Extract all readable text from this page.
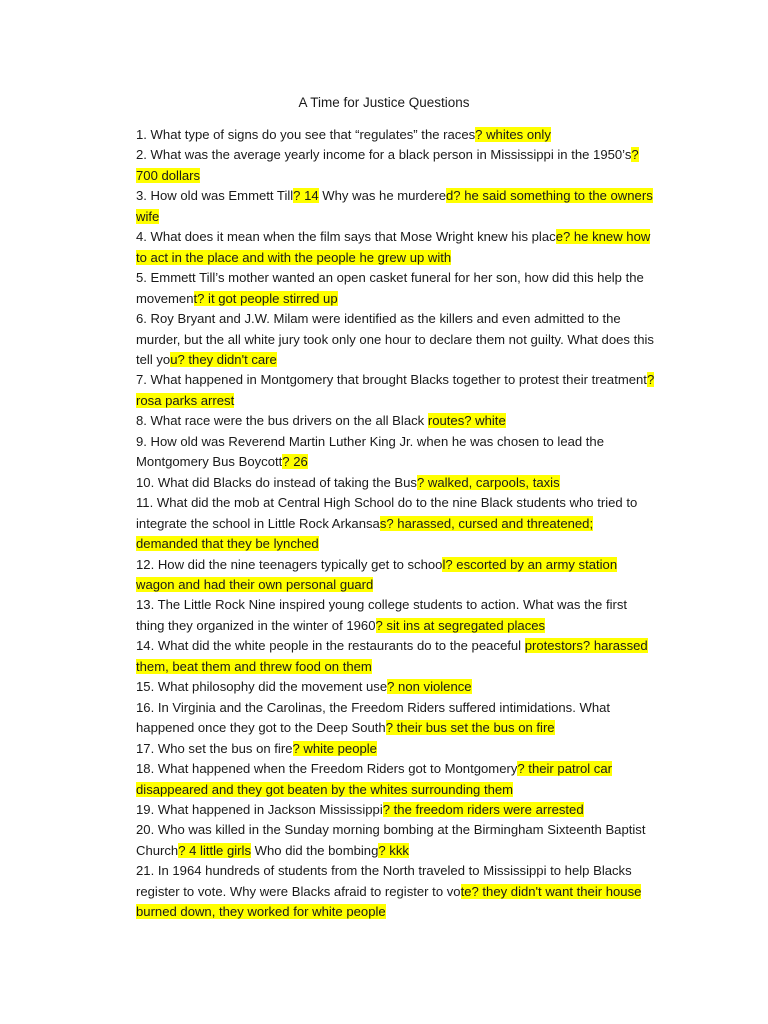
A Time for Justice Questions

1. What type of signs do you see that “regulates” the races? whites only

2. What was the average yearly income for a black person in Mississippi in the 1950’s? 700 dollars

3. How old was Emmett Till? 14 Why was he murdered? he said something to the owners wife

4. What does it mean when the film says that Mose Wright knew his place? he knew how to act in the place and with the people he grew up with

5. Emmett Till’s mother wanted an open casket funeral for her son, how did this help the movement? it got people stirred up

6. Roy Bryant and J.W. Milam were identified as the killers and even admitted to the murder, but the all white jury took only one hour to declare them not guilty. What does this tell you? they didn't care

7. What happened in Montgomery that brought Blacks together to protest their treatment? rosa parks arrest

8. What race were the bus drivers on the all Black routes? white

9. How old was Reverend Martin Luther King Jr. when he was chosen to lead the Montgomery Bus Boycott? 26

10. What did Blacks do instead of taking the Bus? walked, carpools, taxis

11. What did the mob at Central High School do to the nine Black students who tried to integrate the school in Little Rock Arkansas? harassed, cursed and threatened; demanded that they be lynched

12. How did the nine teenagers typically get to school? escorted by an army station wagon and had their own personal guard

13. The Little Rock Nine inspired young college students to action. What was the first thing they organized in the winter of 1960? sit ins at segregated places

14. What did the white people in the restaurants do to the peaceful protestors? harassed them, beat them and threw food on them

15. What philosophy did the movement use? non violence

16. In Virginia and the Carolinas, the Freedom Riders suffered intimidations. What happened once they got to the Deep South? their bus set the bus on fire

17. Who set the bus on fire? white people

18. What happened when the Freedom Riders got to Montgomery? their patrol car disappeared and they got beaten by the whites surrounding them

19. What happened in Jackson Mississippi? the freedom riders were arrested

20. Who was killed in the Sunday morning bombing at the Birmingham Sixteenth Baptist Church? 4 little girls Who did the bombing? kkk

21. In 1964 hundreds of students from the North traveled to Mississippi to help Blacks register to vote. Why were Blacks afraid to register to vote? they didn't want their house burned down, they worked for white people
